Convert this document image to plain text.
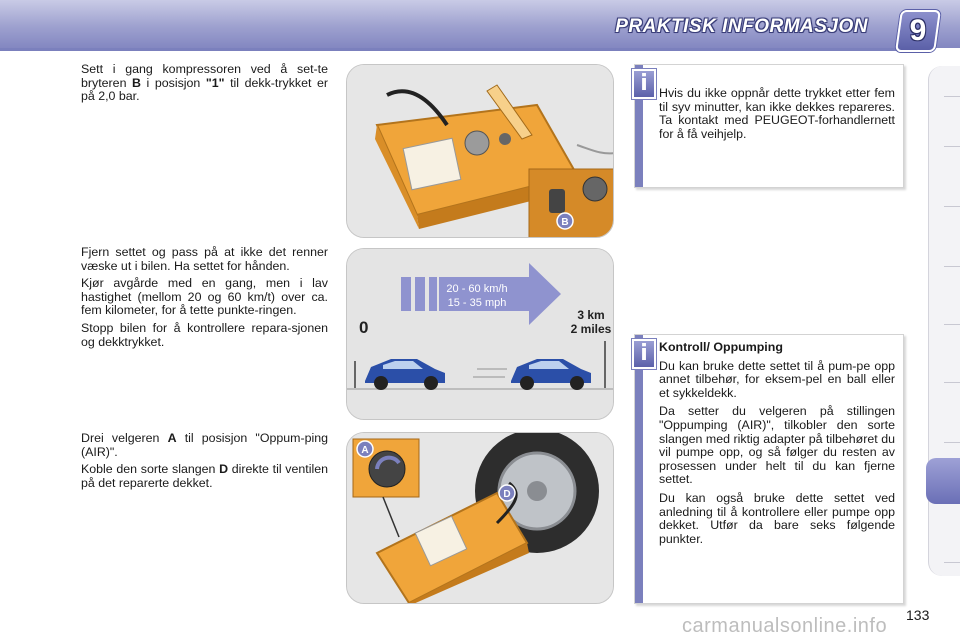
PRAKTISK INFORMASJON	9
Sett i gang kompressoren ved å set-te bryteren B i posisjon "1" til dekk-trykket er på 2,0 bar.
Fjern settet og pass på at ikke det renner væske ut i bilen. Ha settet for hånden.
Kjør avgårde med en gang, men i lav hastighet (mellom 20 og 60 km/t) over ca. fem kilometer, for å tette punkte-ringen.
Stopp bilen for å kontrollere repara-sjonen og dekktrykket.
Drei velgeren A til posisjon "Oppum-ping (AIR)".
Koble den sorte slangen D direkte til ventilen på det reparerte dekket.
B
20 - 60 km/h
15 - 35 mph
0
3 km
2 miles
D
A
i Hvis du ikke oppnår dette trykket etter fem til syv minutter, kan ikke dekkes repareres. Ta kontakt med PEUGEOT-forhandlernett for å få veihjelp.
i Kontroll/ Oppumping
Du kan bruke dette settet til å pum-pe opp annet tilbehør, for eksem-pel en ball eller et sykkeldekk.
Da setter du velgeren på stillingen "Oppumping (AIR)", tilkobler den sorte slangen med riktig adapter på tilbehøret du vil pumpe opp, og så følger du resten av prosessen under helt til du kan fjerne settet.
Du kan også bruke dette settet ved anledning til å kontrollere eller pumpe opp dekket. Utfør da bare seks følgende punkter.
133
carmanualsonline.info
